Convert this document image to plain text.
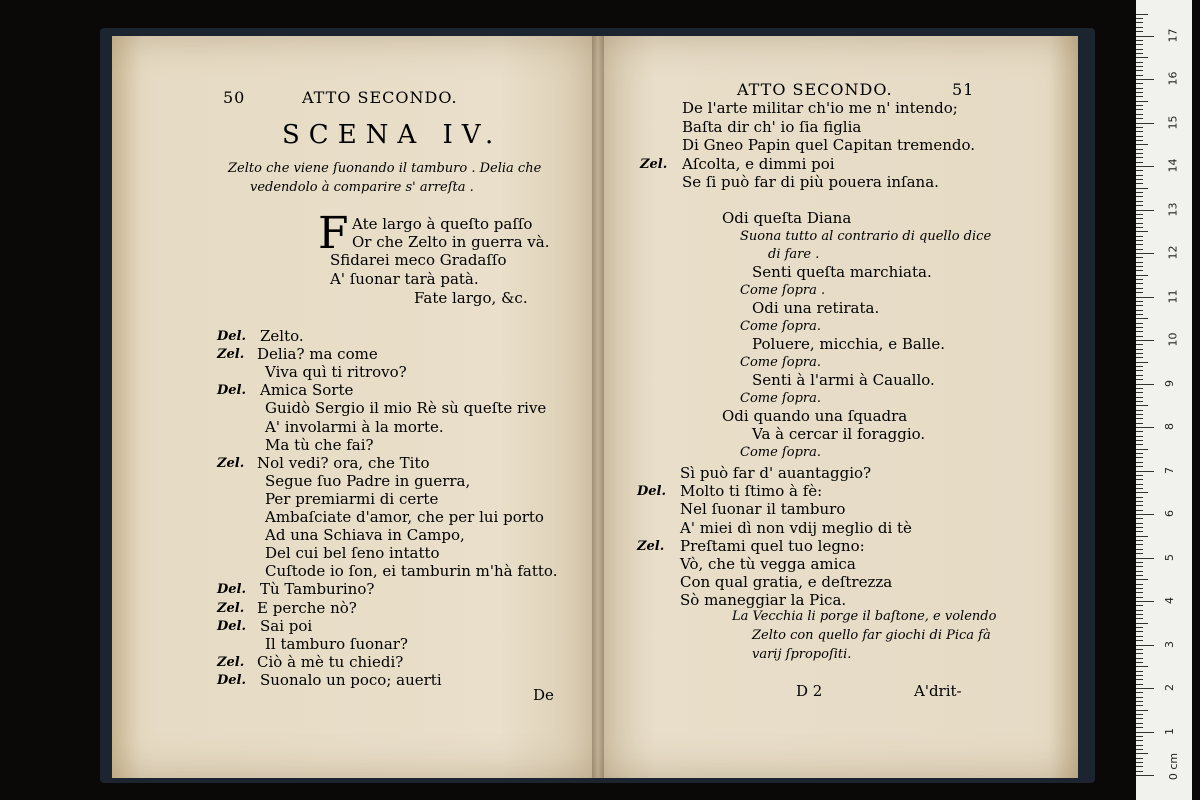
50	ATTO SECONDO.
SCENA IV.
Zelto che viene ſuonando il tamburo . Delia che
vedendolo à comparire s' arreſta .
F Ate largo à queſto paſſo
Or che Zelto in guerra và.
Sfidarei meco Gradaſſo
A' ſuonar tarà patà.
Fate largo, &c.
Del. Zelto.
Zel. Delia? ma come
Viva quì ti ritrovo?
Del. Amica Sorte
Guidò Sergio il mio Rè sù queſte rive
A' involarmi à la morte.
Ma tù che fai?
Zel. Nol vedi? ora, che Tito
Segue ſuo Padre in guerra,
Per premiarmi di certe
Ambaſciate d'amor, che per lui porto
Ad una Schiava in Campo,
Del cui bel ſeno intatto
Cuſtode io ſon, ei tamburin m'hà fatto.
Del. Tù Tamburino?
Zel. E perche nò?
Del. Sai poi
Il tamburo ſuonar?
Zel. Ciò à mè tu chiedi?
Del. Suonalo un poco; auerti
De
ATTO SECONDO.	51
De l'arte militar ch'io me n' intendo;
Baſta dir ch' io ſia figlia
Di Gneo Papin quel Capitan tremendo.
Zel. Aſcolta, e dimmi poi
Se ſi può far di più pouera inſana.
Odi queſta Diana
Suona tutto al contrario di quello dice
di fare .
Senti queſta marchiata.
Come ſopra .
Odi una retirata.
Come ſopra.
Poluere, micchia, e Balle.
Come ſopra.
Senti à l'armi à Cauallo.
Come ſopra.
Odi quando una ſquadra
Va à cercar il foraggio.
Come ſopra.
Sì può far d' auantaggio?
Del. Molto ti ſtimo à fè:
Nel ſuonar il tamburo
A' miei dì non vdij meglio di tè
Zel. Preſtami quel tuo legno:
Vò, che tù vegga amica
Con qual gratia, e deſtrezza
Sò maneggiar la Pica.
La Vecchia li porge il baſtone, e volendo
Zelto con quello far giochi di Pica fà
varij ſpropoſiti.
D 2	A'drit-
1
2
3
4
5
6
7
8
9
10
11
12
13
14
15
16
17
0 cm
